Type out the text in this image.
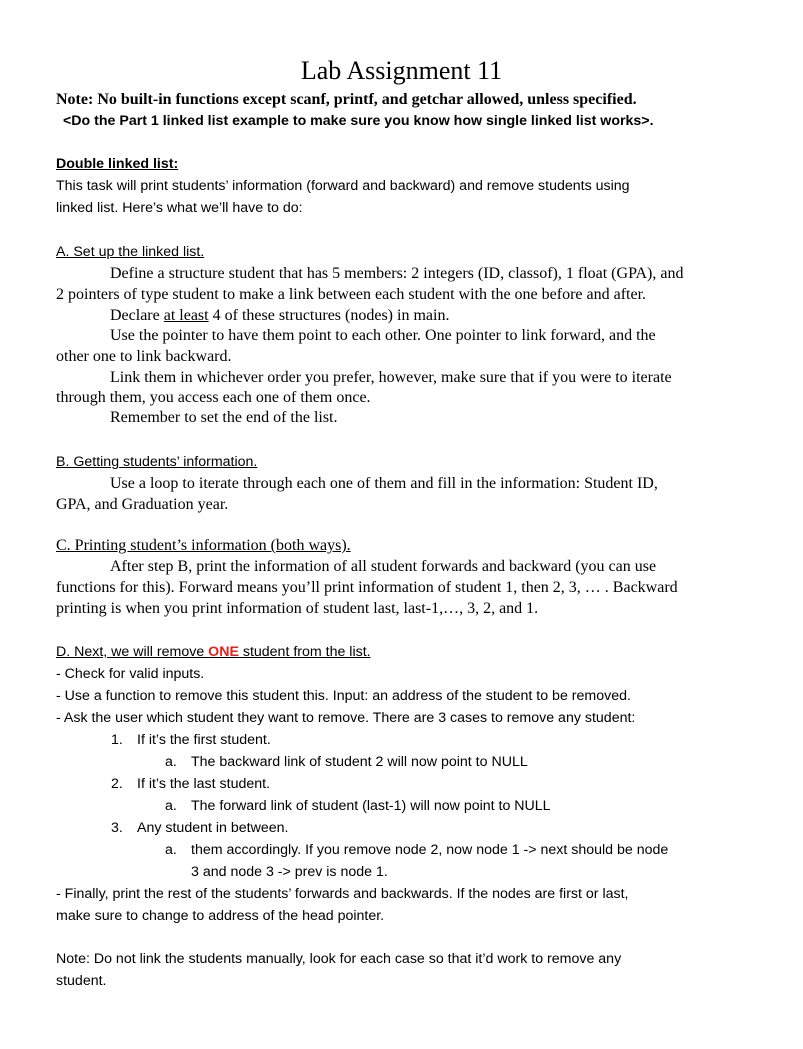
Lab Assignment 11
Note: No built-in functions except scanf, printf, and getchar allowed, unless specified.
<Do the Part 1 linked list example to make sure you know how single linked list works>.
Double linked list:
This task will print students’ information (forward and backward) and remove students using
linked list. Here’s what we’ll have to do:
A. Set up the linked list.
Define a structure student that has 5 members: 2 integers (ID, classof), 1 float (GPA), and
2 pointers of type student to make a link between each student with the one before and after.
Declare at least 4 of these structures (nodes) in main.
Use the pointer to have them point to each other. One pointer to link forward, and the
other one to link backward.
Link them in whichever order you prefer, however, make sure that if you were to iterate
through them, you access each one of them once.
Remember to set the end of the list.
B. Getting students’ information.
Use a loop to iterate through each one of them and fill in the information: Student ID,
GPA, and Graduation year.
C. Printing student’s information (both ways).
After step B, print the information of all student forwards and backward (you can use
functions for this). Forward means you’ll print information of student 1, then 2, 3, … . Backward
printing is when you print information of student last, last-1,…, 3, 2, and 1.
D. Next, we will remove ONE student from the list.
- Check for valid inputs.
- Use a function to remove this student this. Input: an address of the student to be removed.
- Ask the user which student they want to remove. There are 3 cases to remove any student:
1. If it’s the first student.
a. The backward link of student 2 will now point to NULL
2. If it’s the last student.
a. The forward link of student (last-1) will now point to NULL
3. Any student in between.
a. them accordingly. If you remove node 2, now node 1 -> next should be node
3 and node 3 -> prev is node 1.
- Finally, print the rest of the students’ forwards and backwards. If the nodes are first or last,
make sure to change to address of the head pointer.
Note: Do not link the students manually, look for each case so that it’d work to remove any
student.
